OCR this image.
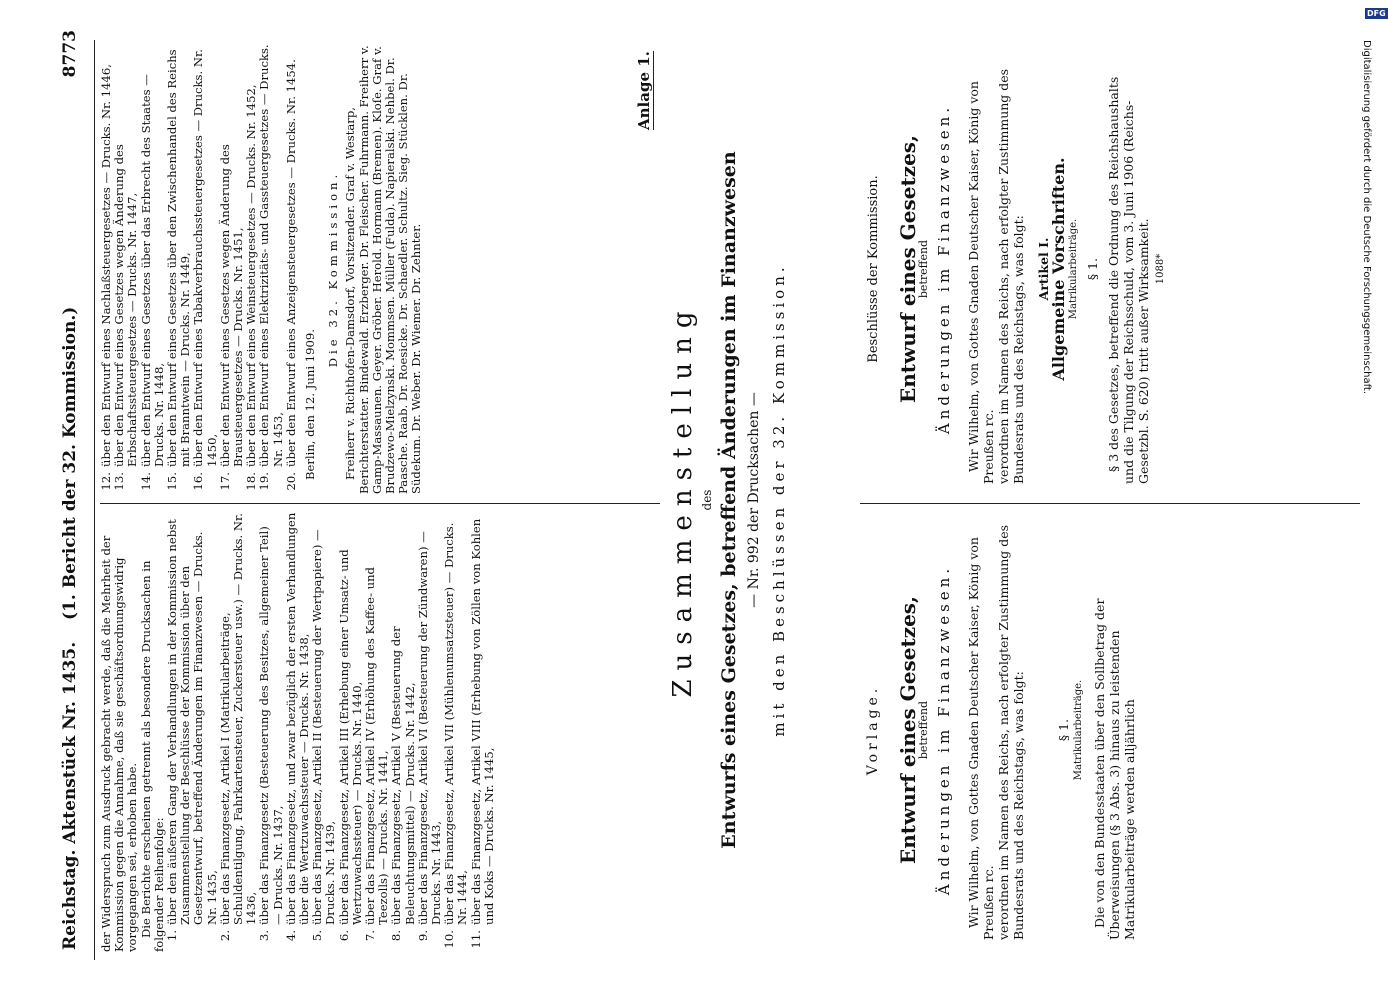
Reichstag. Aktenstück Nr. 1435.
(1. Bericht der 32. Kommission.)
8773

der Widerspruch zum Ausdruck gebracht werde, daß die Mehrheit der Kommission gegen die Annahme, daß sie geschäftsordnungswidrig vorgegangen sei, erhoben habe. Die Berichte erscheinen getrennt als besondere Drucksachen in folgender Reihenfolge: 1.
über den äußeren Gang der Verhandlungen in der Kommission nebst Zusammenstellung der Beschlüsse der Kommission über den Gesetzentwurf, betreffend Änderungen im Finanzwesen — Drucks. Nr. 1435,
2.
über das Finanzgesetz, Artikel I (Matrikularbeiträge, Schuldentilgung, Fahrkartensteuer, Zuckersteuer usw.) — Drucks. Nr. 1436,
3.
über das Finanzgesetz (Besteuerung des Besitzes, allgemeiner Teil) — Drucks. Nr. 1437,
4.
über das Finanzgesetz, und zwar bezüglich der ersten Verhandlungen über die Wertzuwachssteuer — Drucks. Nr. 1438,
5.
über das Finanzgesetz, Artikel II (Besteuerung der Wertpapiere) — Drucks. Nr. 1439,
6.
über das Finanzgesetz, Artikel III (Erhebung einer Umsatz- und Wertzuwachssteuer) — Drucks. Nr. 1440,
7.
über das Finanzgesetz, Artikel IV (Erhöhung des Kaffee- und Teezolls) — Drucks. Nr. 1441,
8.
über das Finanzgesetz, Artikel V (Besteuerung der Beleuchtungsmittel) — Drucks. Nr. 1442,
9.
über das Finanzgesetz, Artikel VI (Besteuerung der Zündwaren) — Drucks. Nr. 1443,
10.
über das Finanzgesetz, Artikel VII (Mühlenumsatzsteuer) — Drucks. Nr. 1444,
11.
über das Finanzgesetz, Artikel VIII (Erhebung von Zöllen von Kohlen und Koks — Drucks. Nr. 1445,
12.
über den Entwurf eines Nachlaßsteuergesetzes — Drucks. Nr. 1446,
13.
über den Entwurf eines Gesetzes wegen Änderung des Erbschaftssteuergesetzes — Drucks. Nr. 1447,
14.
über den Entwurf eines Gesetzes über das Erbrecht des Staates — Drucks. Nr. 1448,
15.
über den Entwurf eines Gesetzes über den Zwischenhandel des Reichs mit Branntwein — Drucks. Nr. 1449,
16.
über den Entwurf eines Tabakverbrauchssteuergesetzes — Drucks. Nr. 1450,
17.
über den Entwurf eines Gesetzes wegen Änderung des Brausteuergesetzes — Drucks. Nr. 1451,
18.
über den Entwurf eines Weinsteuergesetzes — Drucks. Nr. 1452,
19.
über den Entwurf eines Elektrizitäts- und Gassteuergesetzes — Drucks. Nr. 1453,
20.
über den Entwurf eines Anzeigensteuergesetzes — Drucks. Nr. 1454. Berlin, den 12. Juni 1909.

Die 32. Kommission. Freiherr v. Richthofen-Damsdorf, Vorsitzender. Graf v. Westarp, Berichterstatter. Bindewald. Erzberger. Dr. Fleischer. Fuhrmann. Freiherr v. Gamp-Massaunen. Geyer. Gröber. Herold. Hormann (Bremen). Kloſe. Graf v. Brudzewo-Mielzynski. Mommsen. Müller (Fulda). Napieralski. Nehbel. Dr. Paasche. Raab. Dr. Roesicke. Dr. Schaedler. Schultz. Sieg. Stücklen. Dr. Südekum. Dr. Weber. Dr. Wiemer. Dr. Zehnter.

Anlage 1.
Zusammenstellung des Entwurfs eines Gesetzes, betreffend Änderungen im Finanzwesen — Nr. 992 der Drucksachen — mit den Beschlüssen der 32. Kommission.	Vorlage. Entwurf eines Gesetzes,

betreffend Änderungen im Finanzwesen. Wir Wilhelm, von Gottes Gnaden Deutscher Kaiser, König von Preußen rc. verordnen im Namen des Reichs, nach erfolgter Zustimmung des Bundesrats und des Reichstags, was folgt: § 1. Matrikularbeiträge. Die von den Bundesstaaten über den Sollbetrag der Überweisungen (§ 3 Abs. 3) hinaus zu leistenden Matrikularbeiträge werden alljährlich

Beschlüsse der Kommission. Entwurf eines Gesetzes,

betreffend Änderungen im Finanzwesen. Wir Wilhelm, von Gottes Gnaden Deutscher Kaiser, König von Preußen rc. verordnen im Namen des Reichs, nach erfolgter Zustimmung des Bundesrats und des Reichstags, was folgt: Artikel I.

Allgemeine Vorschriften. Matrikularbeiträge. § 1. § 3 des Gesetzes, betreffend die Ordnung des Reichshaushalts und die Tilgung der Reichsschuld, vom 3. Juni 1906 (Reichs-Gesetzbl. S. 620) tritt außer Wirksamkeit. 1088*

DFG
Digitalisierung gefördert durch die Deutsche Forschungsgemeinschaft.
